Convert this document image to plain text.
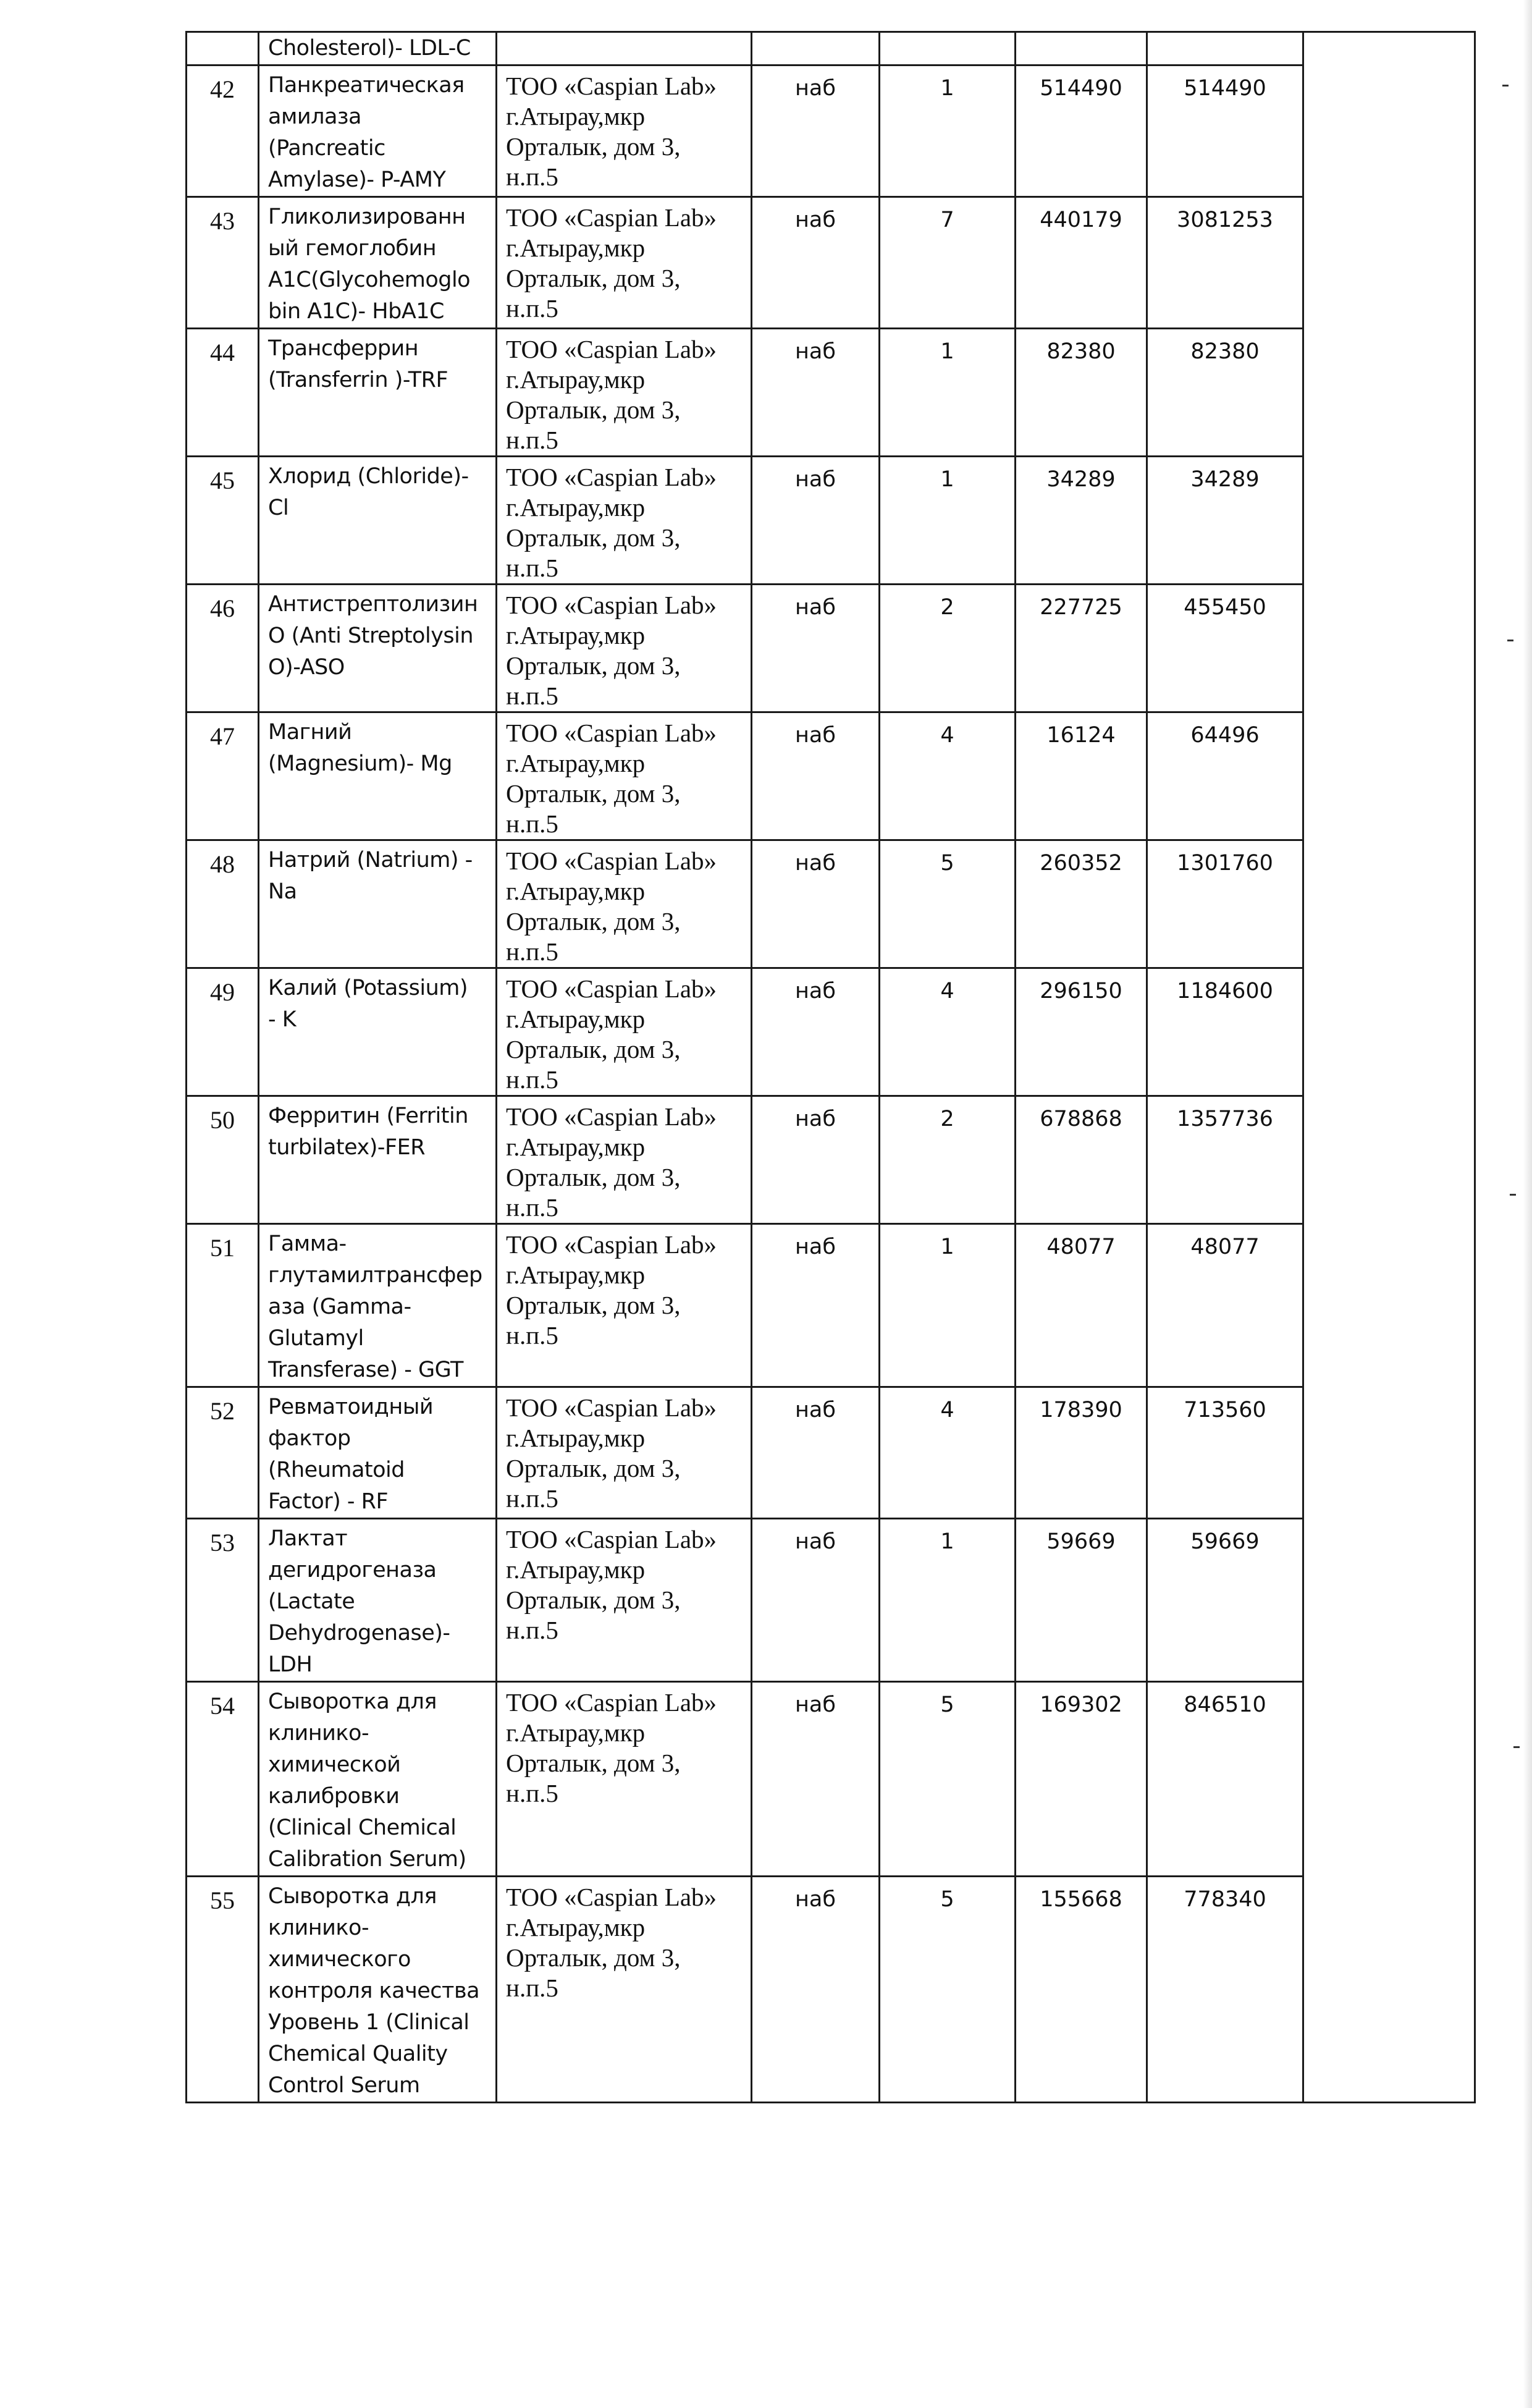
	Cholesterol)- LDL-C						

42	Панкреатическая
амилаза
(Pancreatic
Amylase)- P-AMY	ТОО «Caspian Lab»
г.Атырау,мкр
Орталык, дом 3,
н.п.5	наб	1	514490	514490	
43	Гликолизированн
ый гемоглобин
A1C(Glycohemoglo
bin A1C)- HbA1C	ТОО «Caspian Lab»
г.Атырау,мкр
Орталык, дом 3,
н.п.5	наб	7	440179	3081253	
44	Трансферрин
(Transferrin )-TRF	ТОО «Caspian Lab»
г.Атырау,мкр
Орталык, дом 3,
н.п.5	наб	1	82380	82380	
45	Хлорид (Chloride)-
Cl	ТОО «Caspian Lab»
г.Атырау,мкр
Орталык, дом 3,
н.п.5	наб	1	34289	34289	
46	Антистрептолизин
O (Anti Streptolysin
O)-ASO	ТОО «Caspian Lab»
г.Атырау,мкр
Орталык, дом 3,
н.п.5	наб	2	227725	455450	
47	Магний
(Magnesium)- Mg	ТОО «Caspian Lab»
г.Атырау,мкр
Орталык, дом 3,
н.п.5	наб	4	16124	64496	
48	Натрий (Natrium) -
Na	ТОО «Caspian Lab»
г.Атырау,мкр
Орталык, дом 3,
н.п.5	наб	5	260352	1301760	
49	Калий (Potassium)
- K	ТОО «Caspian Lab»
г.Атырау,мкр
Орталык, дом 3,
н.п.5	наб	4	296150	1184600	
50	Ферритин (Ferritin
turbilatex)-FER	ТОО «Caspian Lab»
г.Атырау,мкр
Орталык, дом 3,
н.п.5	наб	2	678868	1357736	
51	Гамма-
глутамилтрансфер
аза (Gamma-
Glutamyl
Transferase) - GGT	ТОО «Caspian Lab»
г.Атырау,мкр
Орталык, дом 3,
н.п.5	наб	1	48077	48077	
52	Ревматоидный
фактор
(Rheumatoid
Factor) - RF	ТОО «Caspian Lab»
г.Атырау,мкр
Орталык, дом 3,
н.п.5	наб	4	178390	713560	
53	Лактат
дегидрогеназа
(Lactate
Dehydrogenase)-
LDH	ТОО «Caspian Lab»
г.Атырау,мкр
Орталык, дом 3,
н.п.5	наб	1	59669	59669	
54	Сыворотка для
клинико-
химической
калибровки
(Clinical Chemical
Calibration Serum)

ТОО «Caspian Lab»
г.Атырау,мкр
Орталык, дом 3,
н.п.5
	наб	5	169302	846510
55	Сыворотка для
клинико-
химического
контроля качества
Уровень 1 (Clinical
Chemical Quality
Control Serum

ТОО «Caspian Lab»
г.Атырау,мкр
Орталык, дом 3,
н.п.5
	наб	5	155668	778340
